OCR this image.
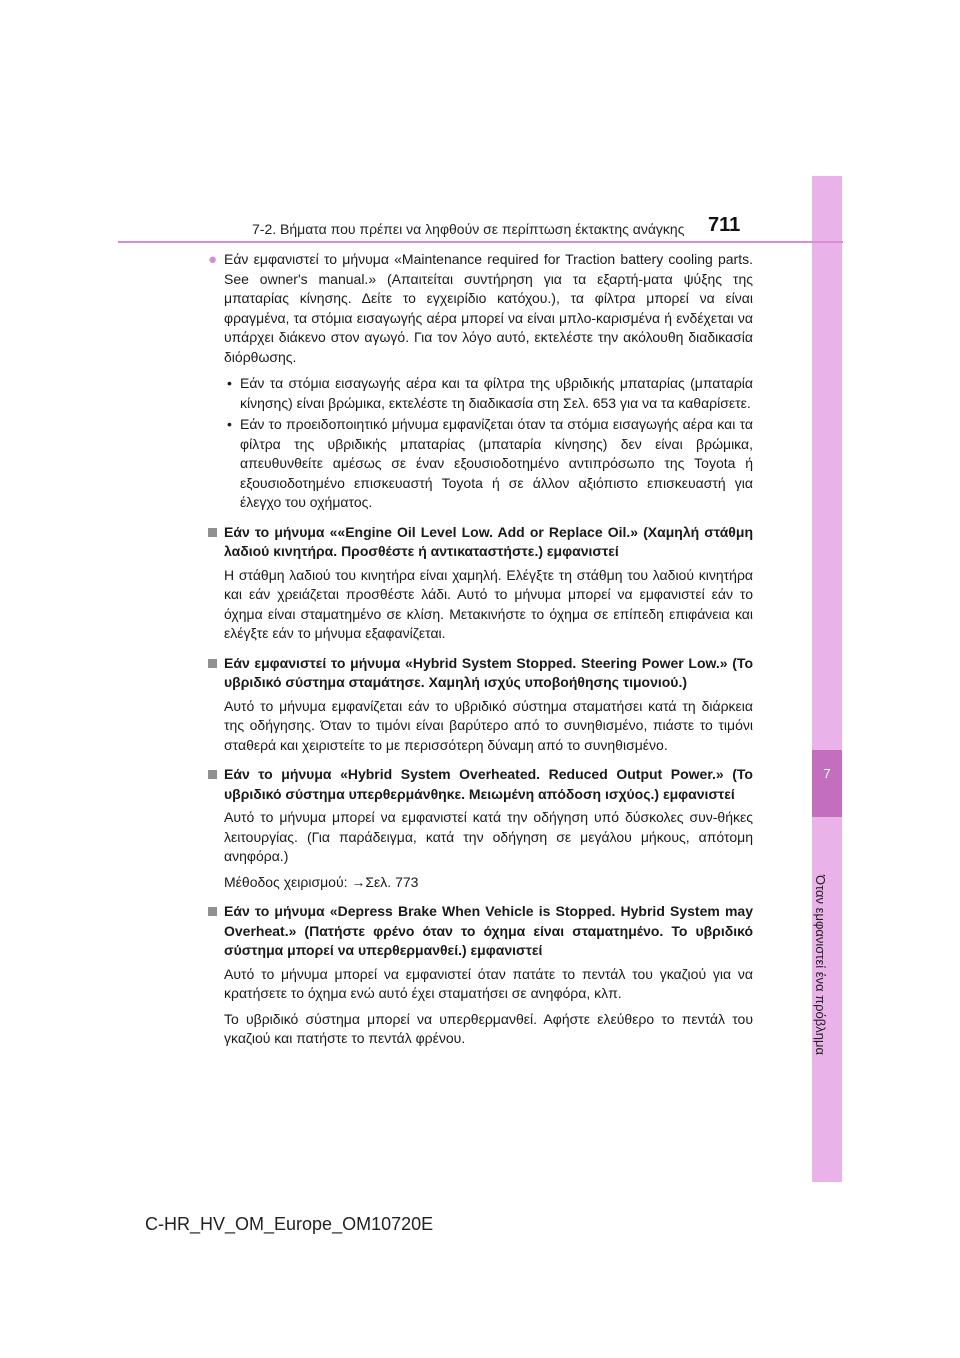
7
Όταν εμφανιστεί ένα πρόβλημα
7-2. Βήματα που πρέπει να ληφθούν σε περίπτωση έκτακτης ανάγκης	711
● Εάν εμφανιστεί το μήνυμα «Maintenance required for Traction battery cooling parts. See owner's manual.» (Απαιτείται συντήρηση για τα εξαρτή-ματα ψύξης της μπαταρίας κίνησης. Δείτε το εγχειρίδιο κατόχου.), τα φίλτρα μπορεί να είναι φραγμένα, τα στόμια εισαγωγής αέρα μπορεί να είναι μπλο-καρισμένα ή ενδέχεται να υπάρχει διάκενο στον αγωγό. Για τον λόγο αυτό, εκτελέστε την ακόλουθη διαδικασία διόρθωσης.
• Εάν τα στόμια εισαγωγής αέρα και τα φίλτρα της υβριδικής μπαταρίας (μπαταρία κίνησης) είναι βρώμικα, εκτελέστε τη διαδικασία στη Σελ. 653 για να τα καθαρίσετε.
• Εάν το προειδοποιητικό μήνυμα εμφανίζεται όταν τα στόμια εισαγωγής αέρα και τα φίλτρα της υβριδικής μπαταρίας (μπαταρία κίνησης) δεν είναι βρώμικα, απευθυνθείτε αμέσως σε έναν εξουσιοδοτημένο αντιπρόσωπο της Toyota ή εξουσιοδοτημένο επισκευαστή Toyota ή σε άλλον αξιόπιστο επισκευαστή για έλεγχο του οχήματος.

Εάν το μήνυμα ««Engine Oil Level Low. Add or Replace Oil.» (Χαμηλή στάθμη λαδιού κινητήρα. Προσθέστε ή αντικαταστήστε.) εμφανιστεί

Η στάθμη λαδιού του κινητήρα είναι χαμηλή. Ελέγξτε τη στάθμη του λαδιού κινητήρα και εάν χρειάζεται προσθέστε λάδι. Αυτό το μήνυμα μπορεί να εμφανιστεί εάν το όχημα είναι σταματημένο σε κλίση. Μετακινήστε το όχημα σε επίπεδη επιφάνεια και ελέγξτε εάν το μήνυμα εξαφανίζεται.

Εάν εμφανιστεί το μήνυμα «Hybrid System Stopped. Steering Power Low.» (Το υβριδικό σύστημα σταμάτησε. Χαμηλή ισχύς υποβοήθησης τιμονιού.)

Αυτό το μήνυμα εμφανίζεται εάν το υβριδικό σύστημα σταματήσει κατά τη διάρκεια της οδήγησης. Όταν το τιμόνι είναι βαρύτερο από το συνηθισμένο, πιάστε το τιμόνι σταθερά και χειριστείτε το με περισσότερη δύναμη από το συνηθισμένο.

Εάν το μήνυμα «Hybrid System Overheated. Reduced Output Power.» (Το υβριδικό σύστημα υπερθερμάνθηκε. Μειωμένη απόδοση ισχύος.) εμφανιστεί

Αυτό το μήνυμα μπορεί να εμφανιστεί κατά την οδήγηση υπό δύσκολες συν-θήκες λειτουργίας. (Για παράδειγμα, κατά την οδήγηση σε μεγάλου μήκους, απότομη ανηφόρα.)

Μέθοδος χειρισμού: →Σελ. 773

Εάν το μήνυμα «Depress Brake When Vehicle is Stopped. Hybrid System may Overheat.» (Πατήστε φρένο όταν το όχημα είναι σταματημένο. Το υβριδικό σύστημα μπορεί να υπερθερμανθεί.) εμφανιστεί

Αυτό το μήνυμα μπορεί να εμφανιστεί όταν πατάτε το πεντάλ του γκαζιού για να κρατήσετε το όχημα ενώ αυτό έχει σταματήσει σε ανηφόρα, κλπ.

Το υβριδικό σύστημα μπορεί να υπερθερμανθεί. Αφήστε ελεύθερο το πεντάλ του γκαζιού και πατήστε το πεντάλ φρένου.

C-HR_HV_OM_Europe_OM10720E
